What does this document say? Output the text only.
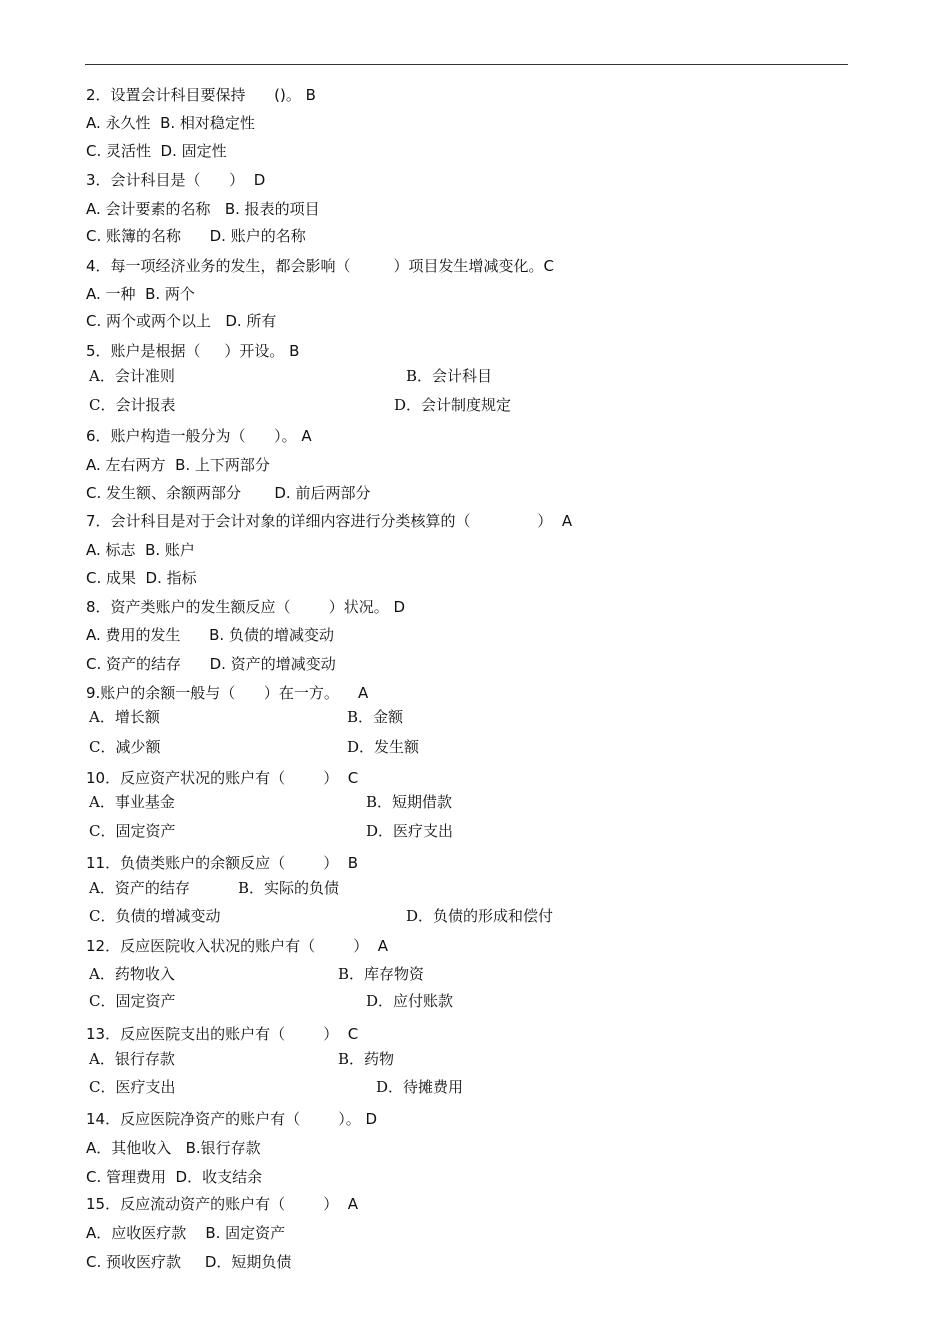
2．设置会计科目要保持      ()。 B
A. 永久性  B. 相对稳定性
C. 灵活性  D. 固定性
3．会计科目是（      ）  D
A. 会计要素的名称   B. 报表的项目
C. 账簿的名称      D. 账户的名称
4．每一项经济业务的发生，都会影响（         ）项目发生增减变化。C
A. 一种  B. 两个
C. 两个或两个以上   D. 所有
5．账户是根据（     ）开设。 B
A．会计准则	B．会计科目
C．会计报表	D．会计制度规定
6．账户构造一般分为（      ）。 A
A. 左右两方  B. 上下两部分
C. 发生额、余额两部分       D. 前后两部分
7．会计科目是对于会计对象的详细内容进行分类核算的（              ）  A
A. 标志  B. 账户
C. 成果  D. 指标
8．资产类账户的发生额反应（        ）状况。 D
A. 费用的发生      B. 负债的增减变动
C. 资产的结存      D. 资产的增减变动
9.账户的余额一般与（      ）在一方。    A
A．增长额	B．金额
C．减少额	D．发生额
10．反应资产状况的账户有（        ）  C
A．事业基金	B．短期借款
C．固定资产	D．医疗支出
11．负债类账户的余额反应（        ）  B
A．资产的结存	B．实际的负债
C．负债的增减变动	D．负债的形成和偿付
12．反应医院收入状况的账户有（        ）  A
A．药物收入	B．库存物资
C．固定资产	D．应付账款
13．反应医院支出的账户有（        ）  C
A．银行存款	B．药物
C．医疗支出	D．待摊费用
14．反应医院净资产的账户有（        ）。 D
A．其他收入   B.银行存款
C. 管理费用  D．收支结余
15．反应流动资产的账户有（        ）  A
A．应收医疗款    B. 固定资产
C. 预收医疗款     D．短期负债
